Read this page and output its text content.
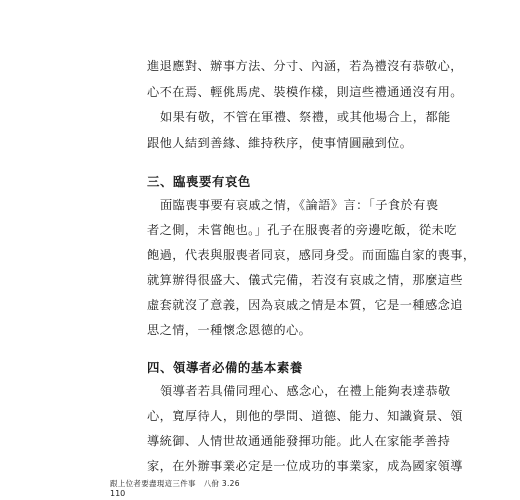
進退應對、辦事方法、分寸、內涵，若為禮沒有恭敬心，
心不在焉、輕佻馬虎、裝模作樣，則這些禮通通沒有用。
如果有敬，不管在軍禮、祭禮，或其他場合上，都能
跟他人結到善緣、維持秩序，使事情圓融到位。
三、臨喪要有哀色
面臨喪事要有哀戚之情，《論語》言：「子食於有喪
者之側，未嘗飽也。」孔子在服喪者的旁邊吃飯，從未吃
飽過，代表與服喪者同哀，感同身受。而面臨自家的喪事，
就算辦得很盛大、儀式完備，若沒有哀戚之情，那麼這些
虛套就沒了意義，因為哀戚之情是本質，它是一種感念追
思之情，一種懷念恩德的心。
四、領導者必備的基本素養
領導者若具備同理心、感念心，在禮上能夠表達恭敬
心，寬厚待人，則他的學問、道德、能力、知識資景、領
導統御、人情世故通通能發揮功能。此人在家能孝善持
家，在外辦事業必定是一位成功的事業家，成為國家領導
跟上位者要盡現這三件事　八佾 3.26
110
